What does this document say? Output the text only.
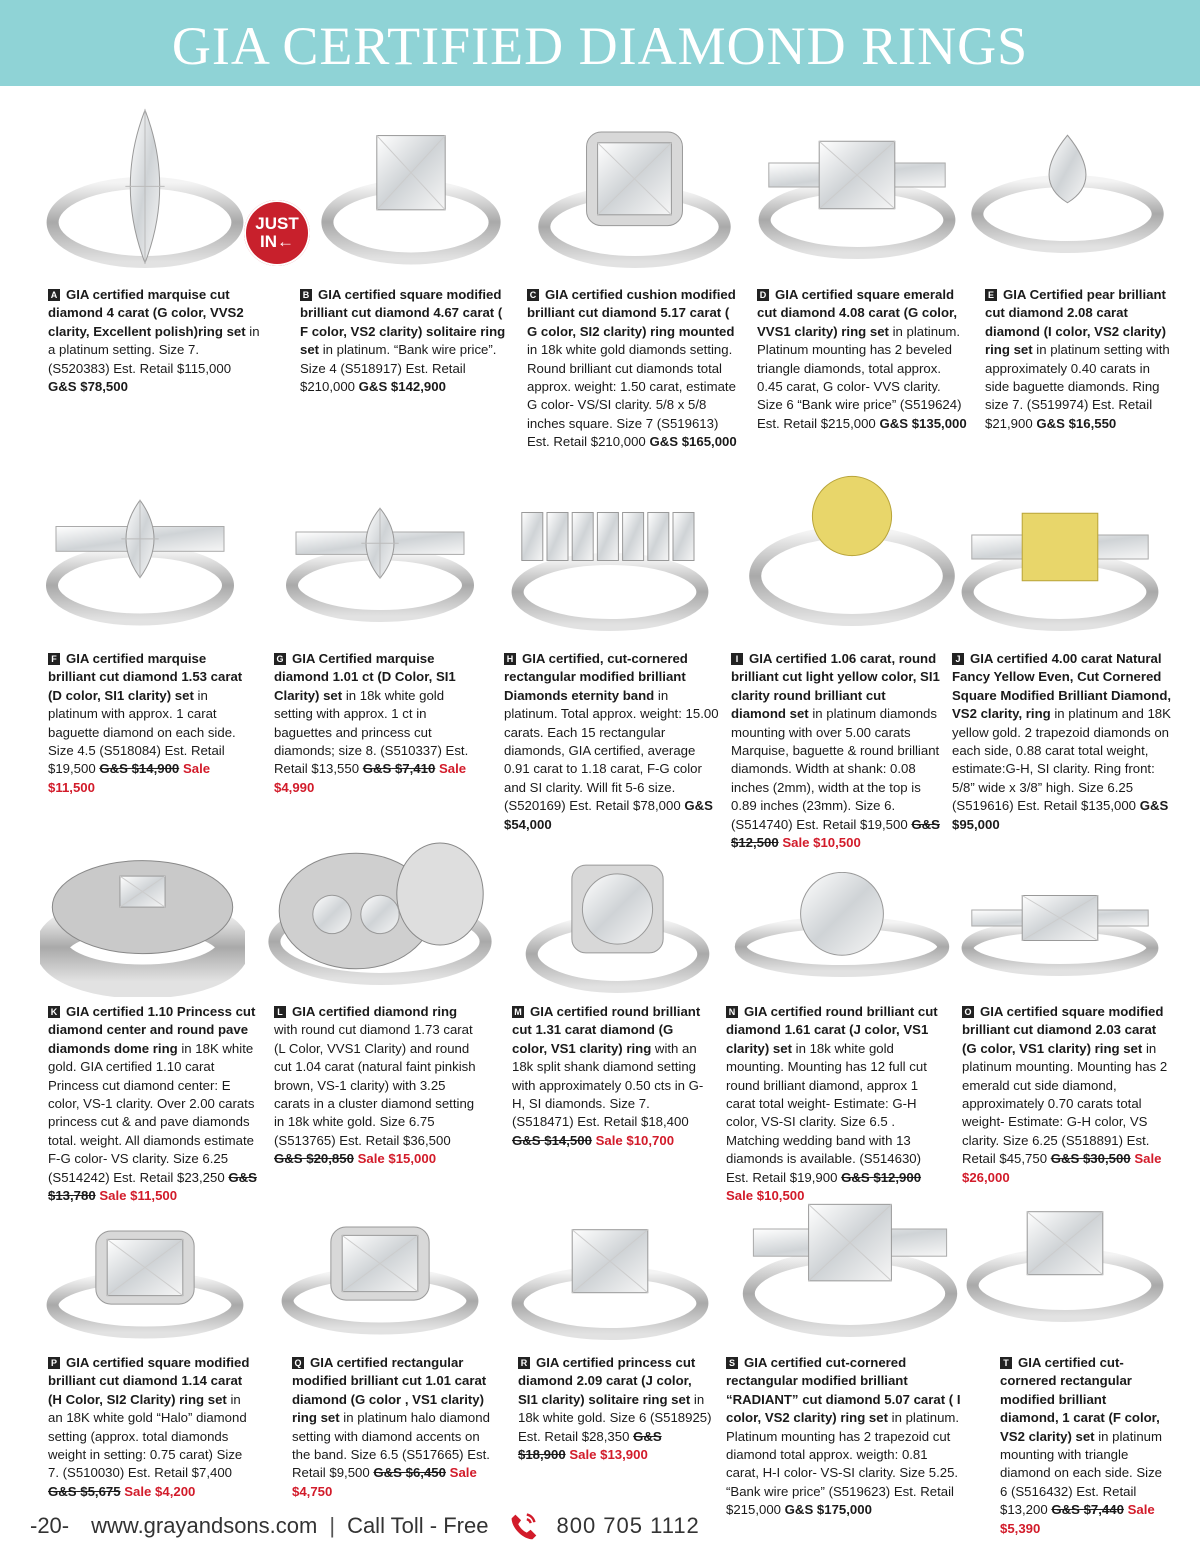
GIA CERTIFIED DIAMOND RINGS
A GIA certified marquise cut diamond 4 carat (G color, VVS2 clarity, Excellent polish)ring set in a platinum setting. Size 7. (S520383) Est. Retail $115,000 G&S $78,500
B GIA certified square modified brilliant cut diamond 4.67 carat ( F color, VS2 clarity) solitaire ring set in platinum. “Bank wire price”. Size 4 (S518917) Est. Retail $210,000 G&S $142,900
C GIA certified cushion modified brilliant cut diamond 5.17 carat ( G color, SI2 clarity) ring mounted in 18k white gold diamonds setting. Round brilliant cut diamonds total approx. weight: 1.50 carat, estimate G color- VS/SI clarity. 5/8 x 5/8 inches square. Size 7 (S519613) Est. Retail $210,000 G&S $165,000
D GIA certified square emerald cut diamond 4.08 carat (G color, VVS1 clarity) ring set in platinum. Platinum mounting has 2 beveled triangle diamonds, total approx. 0.45 carat, G color- VVS clarity. Size 6 “Bank wire price” (S519624) Est. Retail $215,000 G&S $135,000
E GIA Certified pear brilliant cut diamond 2.08 carat diamond (I color, VS2 clarity) ring set in platinum setting with approximately 0.40 carats in side baguette diamonds. Ring size 7. (S519974) Est. Retail $21,900 G&S $16,550
F GIA certified marquise brilliant cut diamond 1.53 carat (D color, SI1 clarity) set in platinum with approx. 1 carat baguette diamond on each side. Size 4.5 (S518084) Est. Retail $19,500 G&S $14,900 Sale $11,500
G GIA Certified marquise diamond 1.01 ct (D Color, SI1 Clarity) set in 18k white gold setting with approx. 1 ct in baguettes and princess cut diamonds; size 8. (S510337) Est. Retail $13,550 G&S $7,410 Sale $4,990
H GIA certified, cut-cornered rectangular modified brilliant Diamonds eternity band in platinum. Total approx. weight: 15.00 carats. Each 15 rectangular diamonds, GIA certified, average 0.91 carat to 1.18 carat, F-G color and SI clarity. Will fit 5-6 size. (S520169) Est. Retail $78,000 G&S $54,000
I GIA certified 1.06 carat, round brilliant cut light yellow color, SI1 clarity round brilliant cut diamond set in platinum diamonds mounting with over 5.00 carats Marquise, baguette & round brilliant diamonds. Width at shank: 0.08 inches (2mm), width at the top is 0.89 inches (23mm). Size 6. (S514740) Est. Retail $19,500 G&S $12,500 Sale $10,500
J GIA certified 4.00 carat Natural Fancy Yellow Even, Cut Cornered Square Modified Brilliant Diamond, VS2 clarity, ring in platinum and 18K yellow gold. 2 trapezoid diamonds on each side, 0.88 carat total weight, estimate:G-H, SI clarity. Ring front: 5/8” wide x 3/8” high. Size 6.25 (S519616) Est. Retail $135,000 G&S $95,000
K GIA certified 1.10 Princess cut diamond center and round pave diamonds dome ring in 18K white gold. GIA certified 1.10 carat Princess cut diamond center: E color, VS-1 clarity. Over 2.00 carats princess cut & and pave diamonds total. weight. All diamonds estimate F-G color- VS clarity. Size 6.25 (S514242) Est. Retail $23,250 G&S $13,780 Sale $11,500
L GIA certified diamond ring with round cut diamond 1.73 carat (L Color, VVS1 Clarity) and round cut 1.04 carat (natural faint pinkish brown, VS-1 clarity) with 3.25 carats in a cluster diamond setting in 18k white gold. Size 6.75 (S513765) Est. Retail $36,500 G&S $20,850 Sale $15,000
M GIA certified round brilliant cut 1.31 carat diamond (G color, VS1 clarity) ring with an 18k split shank diamond setting with approximately 0.50 cts in G-H, SI diamonds. Size 7. (S518471) Est. Retail $18,400 G&S $14,500 Sale $10,700
N GIA certified round brilliant cut diamond 1.61 carat (J color, VS1 clarity) set in 18k white gold mounting. Mounting has 12 full cut round brilliant diamond, approx 1 carat total weight- Estimate: G-H color, VS-SI clarity. Size 6.5 . Matching wedding band with 13 diamonds is available. (S514630) Est. Retail $19,900 G&S $12,900 Sale $10,500
O GIA certified square modified brilliant cut diamond 2.03 carat (G color, VS1 clarity) ring set in platinum mounting. Mounting has 2 emerald cut side diamond, approximately 0.70 carats total weight- Estimate: G-H color, VS clarity. Size 6.25 (S518891) Est. Retail $45,750 G&S $30,500 Sale $26,000
P GIA certified square modified brilliant cut diamond 1.14 carat (H Color, SI2 Clarity) ring set in an 18K white gold “Halo” diamond setting (approx. total diamonds weight in setting: 0.75 carat) Size 7. (S510030) Est. Retail $7,400 G&S $5,675 Sale $4,200
Q GIA certified rectangular modified brilliant cut 1.01 carat diamond (G color , VS1 clarity) ring set in platinum halo diamond setting with diamond accents on the band. Size 6.5 (S517665) Est. Retail $9,500 G&S $6,450 Sale $4,750
R GIA certified princess cut diamond 2.09 carat (J color, SI1 clarity) solitaire ring set in 18k white gold. Size 6 (S518925) Est. Retail $28,350 G&S $18,900 Sale $13,900
S GIA certified cut-cornered rectangular modified brilliant “RADIANT” cut diamond 5.07 carat ( I color, VS2 clarity) ring set in platinum. Platinum mounting has 2 trapezoid cut diamond total approx. weigth: 0.81 carat, H-I color- VS-SI clarity. Size 5.25. “Bank wire price” (S519623) Est. Retail $215,000 G&S $175,000
T GIA certified cut-cornered rectangular modified brilliant diamond, 1 carat (F color, VS2 clarity) set in platinum mounting with triangle diamond on each side. Size 6 (S516432) Est. Retail $13,200 G&S $7,440 Sale $5,390
JUST
IN←
-20- www.grayandsons.com | Call Toll - Free	800 705 1112
